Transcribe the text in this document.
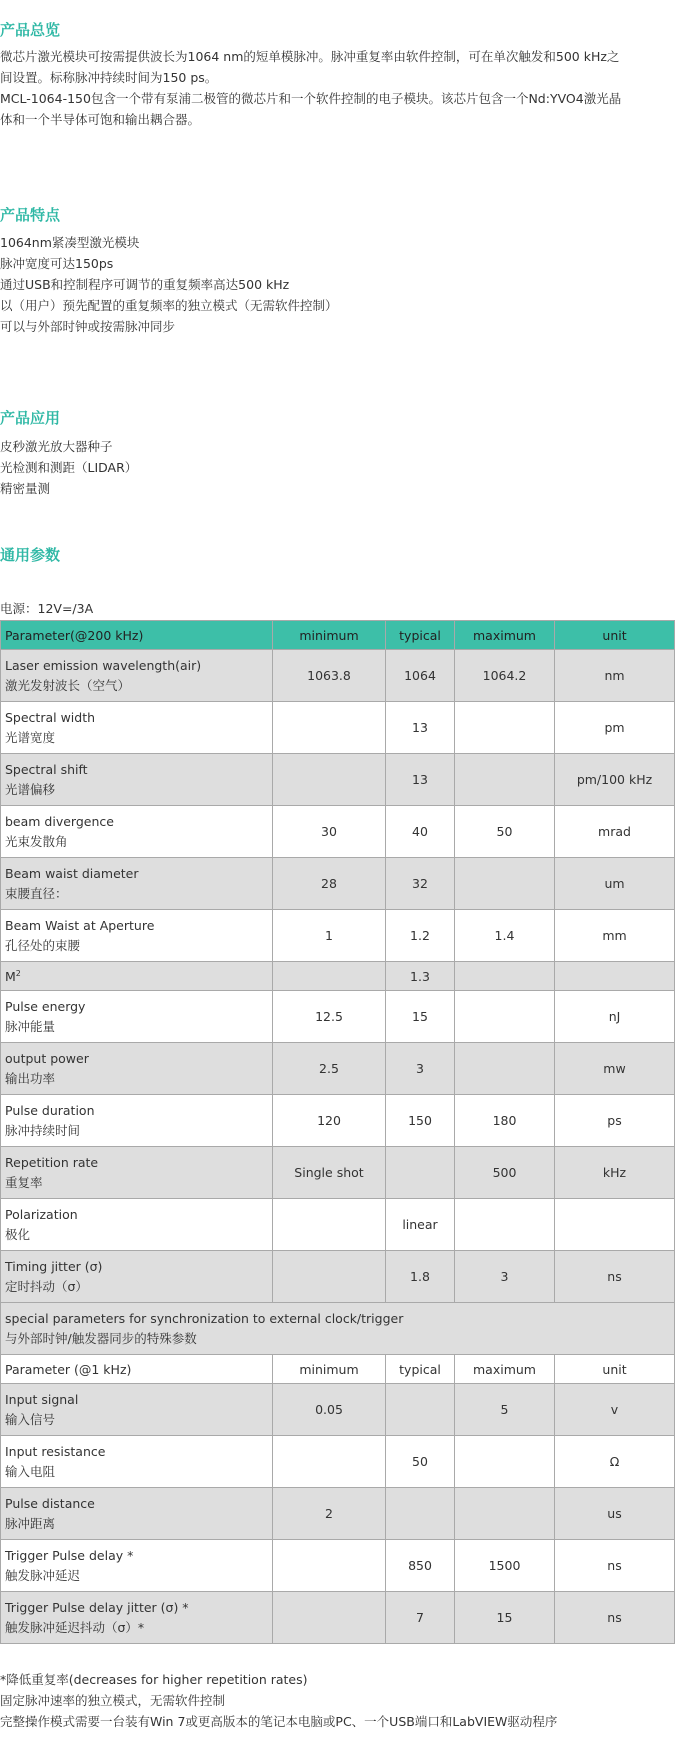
产品总览
微芯片激光模块可按需提供波长为1064 nm的短单模脉冲。脉冲重复率由软件控制，可在单次触发和500 kHz之
间设置。标称脉冲持续时间为150 ps。
MCL-1064-150包含一个带有泵浦二极管的微芯片和一个软件控制的电子模块。该芯片包含一个Nd:YVO4激光晶
体和一个半导体可饱和输出耦合器。
产品特点
1064nm紧凑型激光模块
脉冲宽度可达150ps
通过USB和控制程序可调节的重复频率高达500 kHz
以（用户）预先配置的重复频率的独立模式（无需软件控制）
可以与外部时钟或按需脉冲同步
产品应用
皮秒激光放大器种子
光检测和测距（LIDAR）
精密量测
通用参数
电源：12V=/3A
Parameter(@200 kHz)	minimum	typical	maximum	unit

Laser emission wavelength(air)
激光发射波长（空气）	1063.8	1064	1064.2	nm

Spectral width
光谱宽度		13		pm

Spectral shift
光谱偏移		13		pm/100 kHz

beam divergence
光束发散角	30	40	50	mrad

Beam waist diameter
束腰直径：	28	32		um

Beam Waist at Aperture
孔径处的束腰	1	1.2	1.4	mm

$M^2$		1.3		

Pulse energy
脉冲能量	12.5	15		nJ

output power
输出功率	2.5	3		mw

Pulse duration
脉冲持续时间	120	150	180	ps

Repetition rate
重复率	Single shot		500	kHz

Polarization
极化		linear		

Timing jitter (σ)
定时抖动（σ）		1.8	3	ns

special parameters for synchronization to external clock/trigger
与外部时钟/触发器同步的特殊参数				

Parameter (@1 kHz)	minimum	typical	maximum	unit

Input signal
输入信号	0.05		5	v

Input resistance
输入电阻		50		Ω

Pulse distance
脉冲距离	2			us

Trigger Pulse delay *
触发脉冲延迟		850	1500	ns

Trigger Pulse delay jitter (σ) *
触发脉冲延迟抖动（σ）*		7	15	ns
*降低重复率(decreases for higher repetition rates)
固定脉冲速率的独立模式，无需软件控制
完整操作模式需要一台装有Win 7或更高版本的笔记本电脑或PC、一个USB端口和LabVIEW驱动程序
